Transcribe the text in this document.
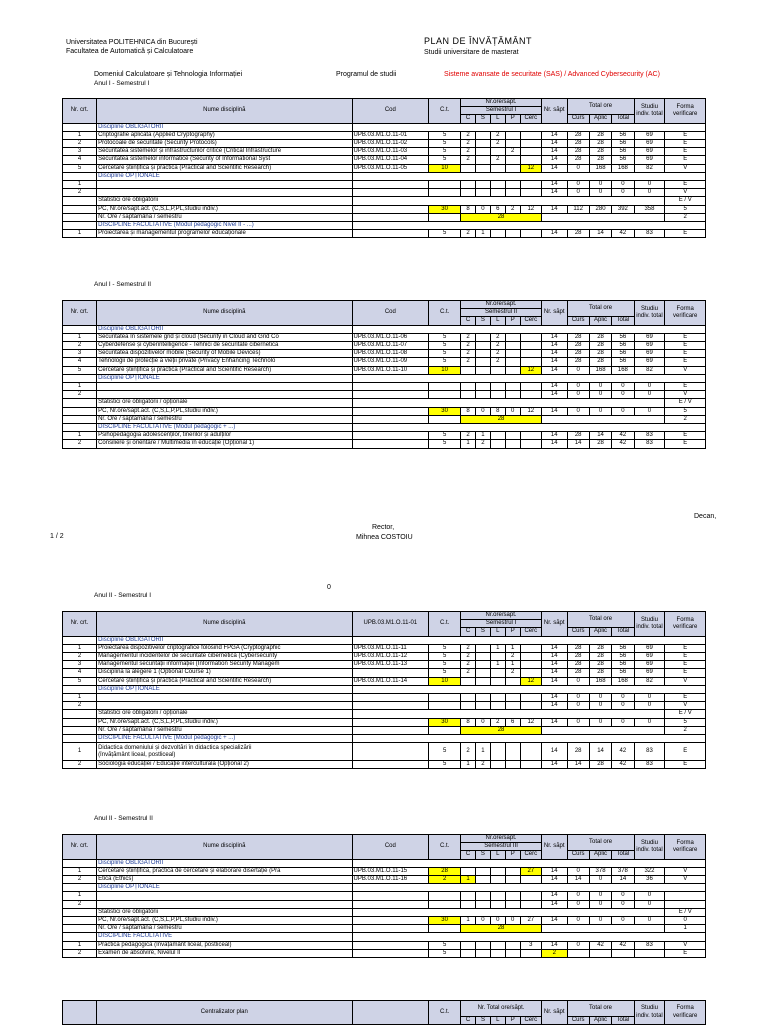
Universitatea POLITEHNICA din București
Facultatea de Automatică și Calculatoare
PLAN DE ÎNVĂȚĂMÂNT
Studii universitare de masterat
Domeniul Calculatoare și Tehnologia Informației	Programul de studii	Sisteme avansate de securitate (SAS) / Advanced Cybersecurity (AC)
Anul I - Semestrul I
Anul I - Semestrul II
Anul II - Semestrul I
Anul II - Semestrul II
Nr. crt.	Nume disciplină	Cod	C.t.	Nr.ore/săpt.					Nr. săpt	Total ore			Studiu indiv. total	Forma verificare
				Semestrul I										
				C	S	L	P	Cerc		Curs	Aplic	Total		
	Discipline OBLIGATORII													
1	Criptografie aplicată (Applied Cryptography)	UPB.03.M1.O.11-01	5	2		2			14	28	28	56	69	E
2	Protocoale de securitate (Security Protocols)	UPB.03.M1.O.11-02	5	2		2			14	28	28	56	69	E
3	Securitatea sistemelor și infrastructurilor critice (Critical Infrastructure	UPB.03.M1.O.11-03	5	2			2		14	28	28	56	69	E
4	Securitatea sistemelor informatice (Security of Informational Syst	UPB.03.M1.O.11-04	5	2		2			14	28	28	56	69	E
5	Cercetare științifică și practică (Practical and Scientific Research)	UPB.03.M1.O.11-05	10					12	14	0	168	168	82	V
	Discipline OPȚIONALE													
1									14	0	0	0	0	E
2									14	0	0	0	0	V
	Statistici ore obligatorii													E / V
	PC, Nr.ore/săpt.act. (C,S,L,P,PL,studiu indiv.)		30	8	0	6	2	12	14	112	280	392	358	5
	Nr. Ore / săptămână / semestru			28										2
	DISCIPLINE FACULTATIVE (Modul pedagogic Nivel II - ...)													
1	Proiectarea și managementul programelor educaționale		5	2	1				14	28	14	42	83	E
Nr. crt.	Nume disciplină	Cod	C.t.	Nr.ore/săpt.					Nr. săpt	Total ore			Studiu indiv. total	Forma verificare
				Semestrul II										
				C	S	L	P	Cerc		Curs	Aplic	Total		
	Discipline OBLIGATORII													
1	Securitatea în sistemele grid și cloud (Security in Cloud and Grid Co	UPB.03.M1.O.11-06	5	2		2			14	28	28	56	69	E
2	Cyberdefense și cyberintelligence - Tehnici de securitate cibernetică	UPB.03.M1.O.11-07	5	2		2			14	28	28	56	69	E
3	Securitatea dispozitivelor mobile (Security of Mobile Devices)	UPB.03.M1.O.11-08	5	2		2			14	28	28	56	69	E
4	Tehnologii de protecție a vieții private (Privacy Enhancing Technolo	UPB.03.M1.O.11-09	5	2		2			14	28	28	56	69	E
5	Cercetare științifică și practică (Practical and Scientific Research)	UPB.03.M1.O.11-10	10					12	14	0	168	168	82	V
	Discipline OPȚIONALE													
1									14	0	0	0	0	E
2									14	0	0	0	0	V
	Statistici ore obligatorii / opționale													E / V
	PC, Nr.ore/săpt.act. (C,S,L,P,PL,studiu indiv.)		30	8	0	8	0	12	14	0	0	0	0	5
	Nr. Ore / săptămână / semestru			28										2
	DISCIPLINE FACULTATIVE (Modul pedagogic + ...)													
1	Psihopedagogia adolescenților, tinerilor și adulților		5	2	1				14	28	14	42	83	E
2	Consiliere și orientare / Multimedia în educație (Opțional 1)		5	1	2				14	14	28	42	83	E
Nr. crt.	Nume disciplină	UPB.03.M1.O.11-01	C.t.	Nr.ore/săpt.					Nr. săpt	Total ore			Studiu indiv. total	Forma verificare
				Semestrul I										
				C	S	L	P	Cerc		Curs	Aplic	Total		
	Discipline OBLIGATORII													
1	Proiectarea dispozitivelor criptografice folosind FPGA (Cryptographic	UPB.03.M1.O.11-11	5	2		1	1		14	28	28	56	69	E
2	Managementul incidentelor de securitate cibernetică (Cybersecurity	UPB.03.M1.O.11-12	5	2			2		14	28	28	56	69	E
3	Managementul securității informației (Information Security Managem	UPB.03.M1.O.11-13	5	2		1	1		14	28	28	56	69	E
4	Disciplină la alegere 1 (Optional Course 1)		5	2			2		14	28	28	56	69	E
5	Cercetare științifică și practică (Practical and Scientific Research)	UPB.03.M1.O.11-14	10					12	14	0	168	168	82	V
	Discipline OPȚIONALE													
1									14	0	0	0	0	E
2									14	0	0	0	0	V
	Statistici ore obligatorii / opționale													E / V
	PC, Nr.ore/săpt.act. (C,S,L,P,PL,studiu indiv.)		30	8	0	2	6	12	14	0	0	0	0	5
	Nr. Ore / săptămână / semestru			28										2
	DISCIPLINE FACULTATIVE (Modul pedagogic + ...)													
1	Didactica domeniului și dezvoltări în didactica specializării
(învățământ liceal, postliceal)		5	2	1				14	28	14	42	83	E
2	Sociologia educației / Educație interculturală (Opțional 2)		5	1	2				14	14	28	42	83	E
Nr. crt.	Nume disciplină	Cod	C.t.	Nr.ore/săpt.					Nr. săpt	Total ore			Studiu indiv. total	Forma verificare
				Semestrul III										
				C	S	L	P	Cerc		Curs	Aplic	Total		
	Discipline OBLIGATORII													
1	Cercetare științifică, practică de cercetare și elaborare disertație (Pra	UPB.03.M1.O.11-15	28					27	14	0	378	378	322	V
2	Etică (Ethics)	UPB.03.M1.O.11-16	2	1					14	14	0	14	36	V
	Discipline OPȚIONALE													
1									14	0	0	0	0	
2									14	0	0	0	0	
	Statistici ore obligatorii													E / V
	PC, Nr.ore/săpt.act. (C,S,L,P,PL,studiu indiv.)		30	1	0	0	0	27	14	0	0	0	0	0
	Nr. Ore / săptămână / semestru			28										1
	DISCIPLINE FACULTATIVE													
1	Practică pedagogică (învățământ liceal, postliceal)		5					3	14	0	42	42	83	V
2	Examen de absolvire, Nivelul II		5						2					E
Decan,
Rector,
Mihnea COSTOIU
1 / 2
0
	Centralizator plan		C.t.	Nr. Total ore/săpt.					Nr. săpt	Total ore			Studiu indiv. total	Forma verificare
				C	S	L	P	Cerc		Curs	Aplic	Total		
